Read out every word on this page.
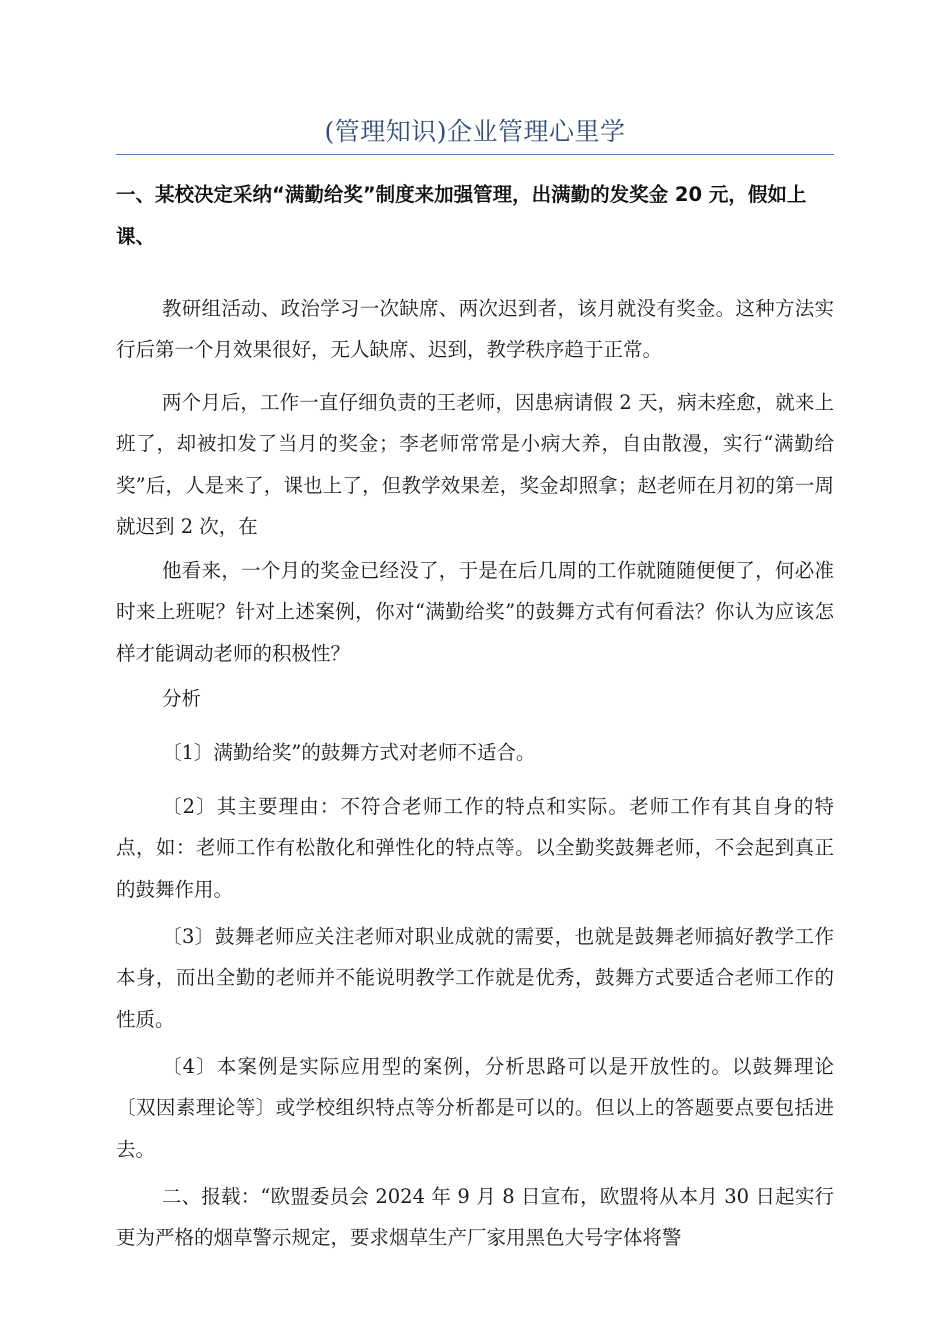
(管理知识)企业管理心里学
一、某校决定采纳“满勤给奖”制度来加强管理，出满勤的发奖金 20 元，假如上课、

教研组活动、政治学习一次缺席、两次迟到者，该月就没有奖金。这种方法实行后第一个月效果很好，无人缺席、迟到，教学秩序趋于正常。

两个月后，工作一直仔细负责的王老师，因患病请假 2 天，病未痊愈，就来上班了，却被扣发了当月的奖金；李老师常常是小病大养，自由散漫，实行“满勤给奖”后，人是来了，课也上了，但教学效果差，奖金却照拿；赵老师在月初的第一周就迟到 2 次，在

他看来，一个月的奖金已经没了，于是在后几周的工作就随随便便了，何必准时来上班呢？针对上述案例，你对“满勤给奖”的鼓舞方式有何看法？你认为应该怎样才能调动老师的积极性？

分析

〔1〕满勤给奖”的鼓舞方式对老师不适合。

〔2〕其主要理由：不符合老师工作的特点和实际。老师工作有其自身的特点，如：老师工作有松散化和弹性化的特点等。以全勤奖鼓舞老师，不会起到真正的鼓舞作用。

〔3〕鼓舞老师应关注老师对职业成就的需要，也就是鼓舞老师搞好教学工作本身，而出全勤的老师并不能说明教学工作就是优秀，鼓舞方式要适合老师工作的性质。

〔4〕本案例是实际应用型的案例，分析思路可以是开放性的。以鼓舞理论〔双因素理论等〕或学校组织特点等分析都是可以的。但以上的答题要点要包括进去。

二、报载：“欧盟委员会 2024 年 9 月 8 日宣布，欧盟将从本月 30 日起实行更为严格的烟草警示规定，要求烟草生产厂家用黑色大号字体将警
